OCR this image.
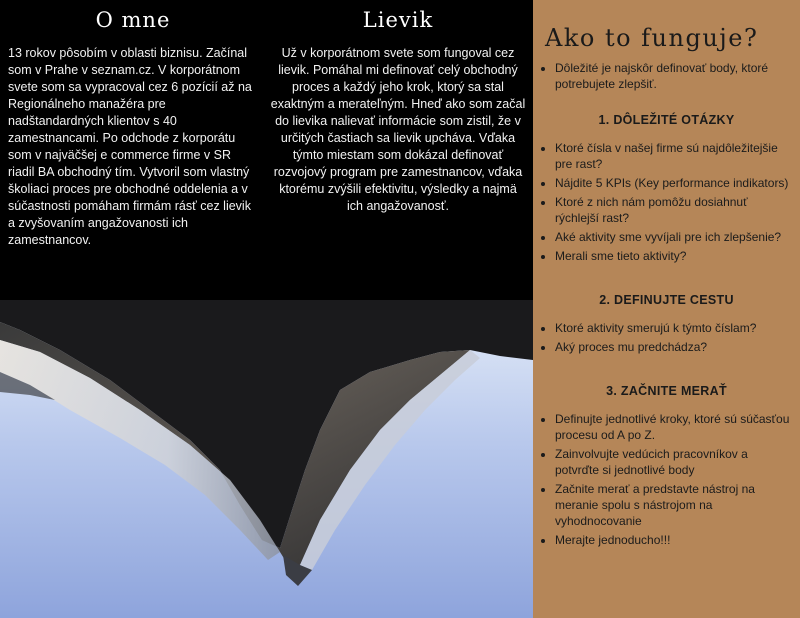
O mne

13 rokov pôsobím v oblasti biznisu. Začínal som v Prahe v seznam.cz. V korporátnom svete som sa vypracoval cez 6 pozícií až na Regionálneho manažéra pre nadštandardných klientov s 40 zamestnancami. Po odchode z korporátu som v najväčšej e commerce firme v SR riadil BA obchodný tím. Vytvoril som vlastný školiaci proces pre obchodné oddelenia a v súčastnosti pomáham firmám rásť cez lievik a zvyšovaním angažovanosti ich zamestnancov.

Lievik

Už v korporátnom svete som fungoval cez lievik. Pomáhal mi definovať celý obchodný proces a každý jeho krok, ktorý sa stal exaktným a merateľným. Hneď ako som začal do lievika nalievať informácie som zistil, že v určitých častiach sa lievik upcháva. Vďaka týmto miestam som dokázal definovať rozvojový program pre zamestnancov, vďaka ktorému zvýšili efektivitu, výsledky a najmä ich angažovanosť.

Ako to funguje?
• Dôležité je najskôr definovať body, ktoré potrebujete zlepšiť.
1. DÔLEŽITÉ OTÁZKY
• Ktoré čísla v našej firme sú najdôležitejšie pre rast?
• Nájdite 5 KPIs (Key performance indikators)
• Ktoré z nich nám pomôžu dosiahnuť rýchlejší rast?
• Aké aktivity sme vyvíjali pre ich zlepšenie?
• Merali sme tieto aktivity?
2. DEFINUJTE CESTU
• Ktoré aktivity smerujú k týmto číslam?
• Aký proces mu predchádza?
3. ZAČNITE MERAŤ
• Definujte jednotlivé kroky, ktoré sú súčasťou procesu od A po Z.
• Zainvolvujte vedúcich pracovníkov a potvrďte si jednotlivé body
• Začnite merať a predstavte nástroj na meranie spolu s nástrojom na vyhodnocovanie
• Merajte jednoducho!!!
